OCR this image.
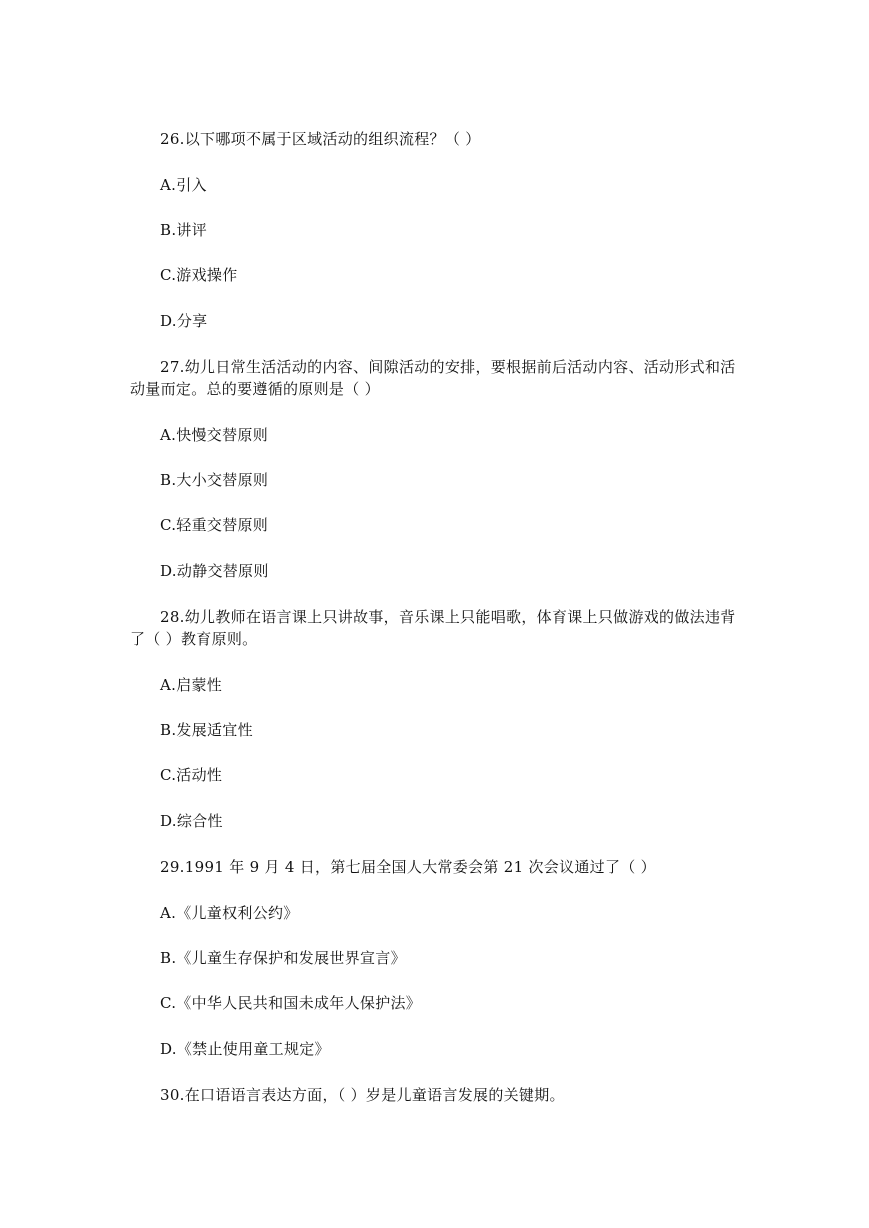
26.以下哪项不属于区域活动的组织流程？（ ）
A.引入
B.讲评
C.游戏操作
D.分享
27.幼儿日常生活活动的内容、间隙活动的安排，要根据前后活动内容、活动形式和活
动量而定。总的要遵循的原则是（ ）
A.快慢交替原则
B.大小交替原则
C.轻重交替原则
D.动静交替原则
28.幼儿教师在语言课上只讲故事，音乐课上只能唱歌，体育课上只做游戏的做法违背
了（ ）教育原则。
A.启蒙性
B.发展适宜性
C.活动性
D.综合性
29.1991 年 9 月 4 日，第七届全国人大常委会第 21 次会议通过了（ ）
A.《儿童权利公约》
B.《儿童生存保护和发展世界宣言》
C.《中华人民共和国未成年人保护法》
D.《禁止使用童工规定》
30.在口语语言表达方面，（ ）岁是儿童语言发展的关键期。
